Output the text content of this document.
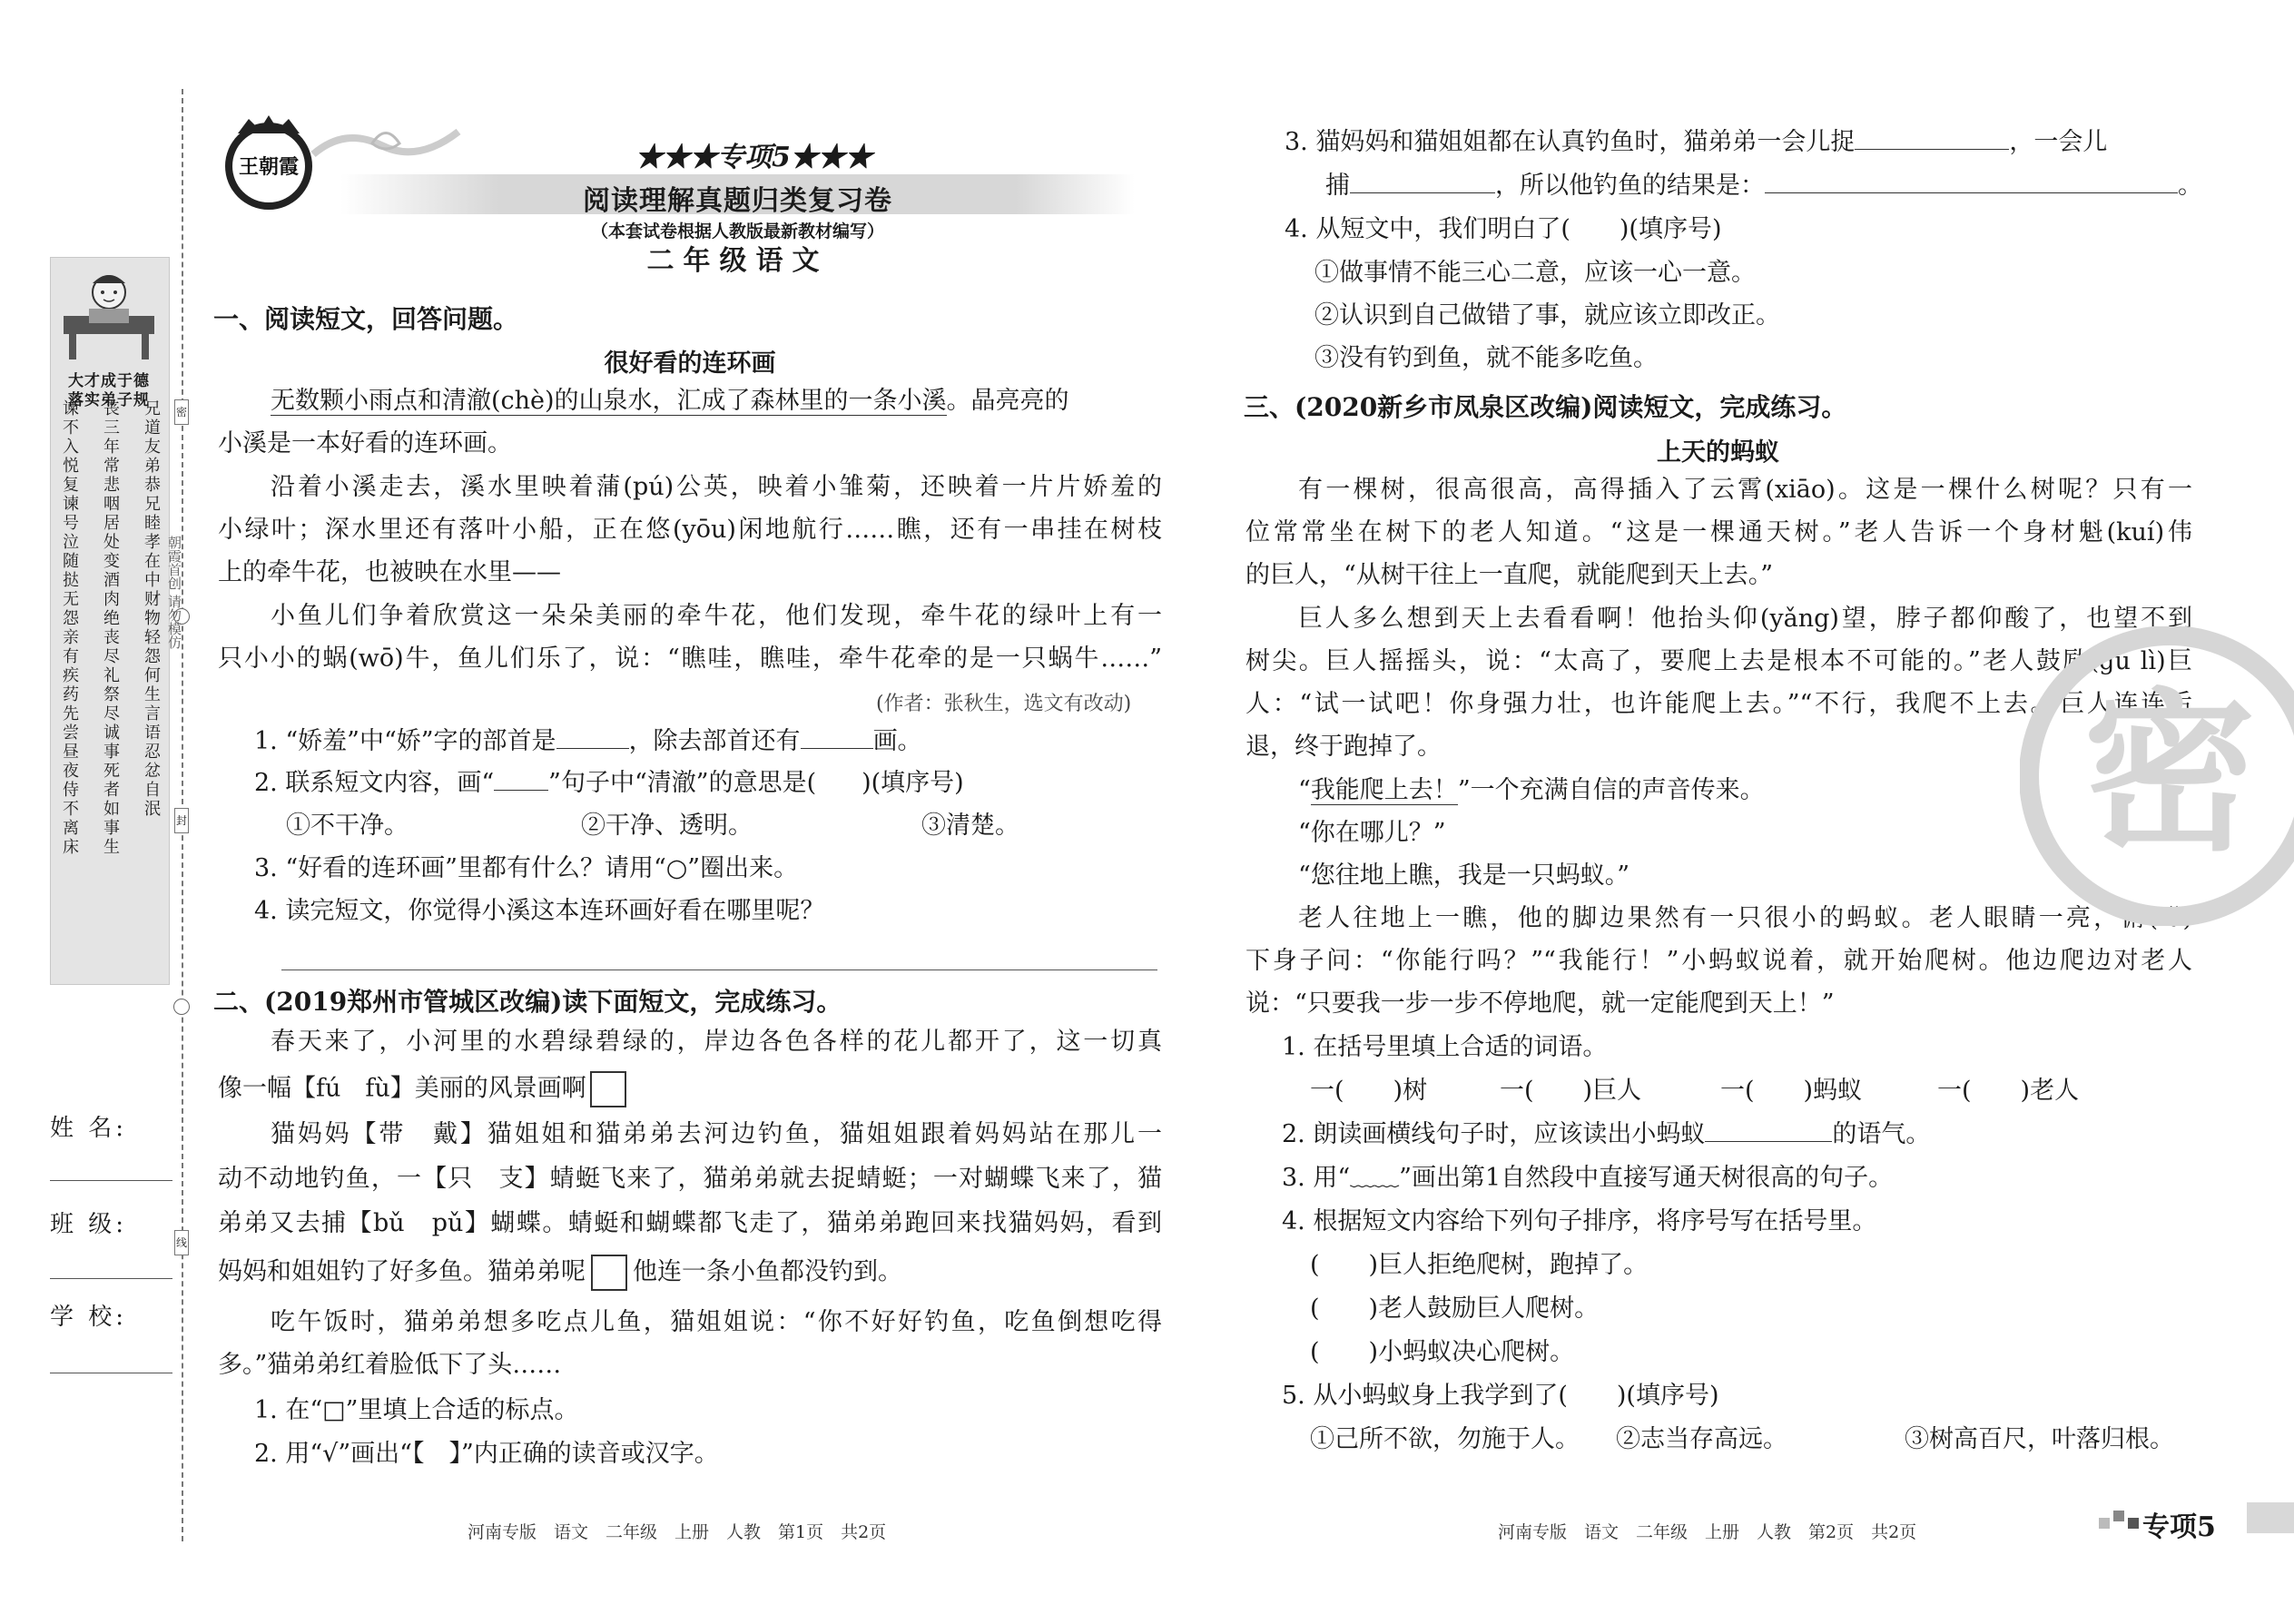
大才成于德
落实弟子规
谏不入悦复谏号泣随挞无怨亲有疾药先尝昼夜侍不离床 丧三年常悲咽居处变酒肉绝丧尽礼祭尽诚事死者如事生 兄道友弟恭兄睦孝在中财物轻怨何生言语忍忿自泯 密
朝霞首创 请勿模仿
封
线
姓 名:
班 级:
学 校:
王朝霞	★★★专项5★★★
阅读理解真题归类复习卷
（本套试卷根据人教版最新教材编写）
二年级语文
一、阅读短文，回答问题。
很好看的连环画
无数颗小雨点和清澈(chè)的山泉水，汇成了森林里的一条小溪。晶亮亮的
小溪是一本好看的连环画。
沿着小溪走去，溪水里映着蒲(pú)公英，映着小雏菊，还映着一片片娇羞的
小绿叶；深水里还有落叶小船，正在悠(yōu)闲地航行……瞧，还有一串挂在树枝
上的牵牛花，也被映在水里——
小鱼儿们争着欣赏这一朵朵美丽的牵牛花，他们发现，牵牛花的绿叶上有一
只小小的蜗(wō)牛，鱼儿们乐了，说：“瞧哇，瞧哇，牵牛花牵的是一只蜗牛……”
(作者：张秋生，选文有改动)
1. “娇羞”中“娇”字的部首是	，除去部首还有	画。
2. 联系短文内容，画“ ”句子中“清澈”的意思是( )(填序号)
①不干净。	②干净、透明。	③清楚。
3. “好看的连环画”里都有什么？请用“○”圈出来。
4. 读完短文，你觉得小溪这本连环画好看在哪里呢？
二、(2019郑州市管城区改编)读下面短文，完成练习。
春天来了，小河里的水碧绿碧绿的，岸边各色各样的花儿都开了，这一切真
像一幅【fú　fù】美丽的风景画啊
猫妈妈【带　戴】猫姐姐和猫弟弟去河边钓鱼，猫姐姐跟着妈妈站在那儿一
动不动地钓鱼，一【只　支】蜻蜓飞来了，猫弟弟就去捉蜻蜓；一对蝴蝶飞来了，猫
弟弟又去捕【bǔ　pǔ】蝴蝶。蜻蜓和蝴蝶都飞走了，猫弟弟跑回来找猫妈妈，看到
妈妈和姐姐钓了好多鱼。猫弟弟呢 他连一条小鱼都没钓到。
吃午饭时，猫弟弟想多吃点儿鱼，猫姐姐说：“你不好好钓鱼，吃鱼倒想吃得
多。”猫弟弟红着脸低下了头……
1. 在“□”里填上合适的标点。
2. 用“√”画出“【　】”内正确的读音或汉字。
河南专版　语文　二年级　上册　人教　第1页　共2页
3. 猫妈妈和猫姐姐都在认真钓鱼时，猫弟弟一会儿捉	，一会儿
捕	，所以他钓鱼的结果是：	。
4. 从短文中，我们明白了(　　)(填序号)
①做事情不能三心二意，应该一心一意。
②认识到自己做错了事，就应该立即改正。
③没有钓到鱼，就不能多吃鱼。
三、(2020新乡市凤泉区改编)阅读短文，完成练习。
上天的蚂蚁
有一棵树，很高很高，高得插入了云霄(xiāo)。这是一棵什么树呢？只有一
位常常坐在树下的老人知道。“这是一棵通天树。”老人告诉一个身材魁(kuí)伟
的巨人，“从树干往上一直爬，就能爬到天上去。”
巨人多么想到天上去看看啊！他抬头仰(yǎng)望，脖子都仰酸了，也望不到
树尖。巨人摇摇头，说：“太高了，要爬上去是根本不可能的。”老人鼓励(gǔ lì)巨
人：“试一试吧！你身强力壮，也许能爬上去。”“不行，我爬不上去。”巨人连连后
退，终于跑掉了。
“我能爬上去！”一个充满自信的声音传来。
“你在哪儿？”
“您往地上瞧，我是一只蚂蚁。”
老人往地上一瞧，他的脚边果然有一只很小的蚂蚁。老人眼睛一亮，俯(fǔ)
下身子问：“你能行吗？”“我能行！”小蚂蚁说着，就开始爬树。他边爬边对老人
说：“只要我一步一步不停地爬，就一定能爬到天上！”
1. 在括号里填上合适的词语。
一(　　)树	一(　　)巨人	一(　　)蚂蚁	一(　　)老人
2. 朗读画横线句子时，应该读出小蚂蚁	的语气。
3. 用“﹏﹏”画出第1自然段中直接写通天树很高的句子。
4. 根据短文内容给下列句子排序，将序号写在括号里。
(　　)巨人拒绝爬树，跑掉了。
(　　)老人鼓励巨人爬树。
(　　)小蚂蚁决心爬树。
5. 从小蚂蚁身上我学到了(　　)(填序号)
①己所不欲，勿施于人。 ②志当存高远。	③树高百尺，叶落归根。
密
河南专版　语文　二年级　上册　人教　第2页　共2页	专项5
